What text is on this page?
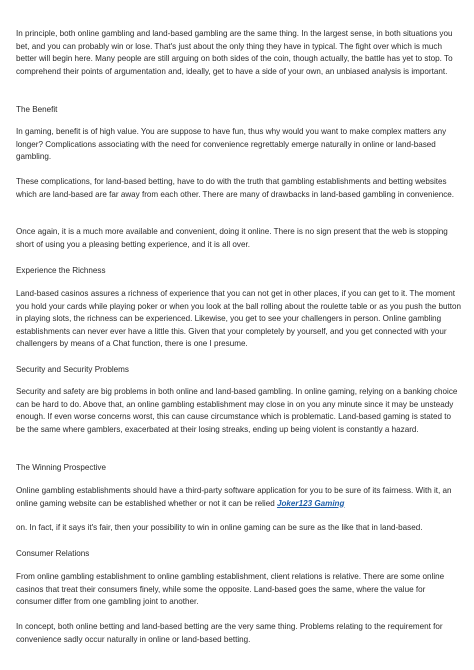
In principle, both online gambling and land-based gambling are the same thing. In the largest sense, in both situations you bet, and you can probably win or lose. That's just about the only thing they have in typical. The fight over which is much better will begin here. Many people are still arguing on both sides of the coin, though actually, the battle has yet to stop. To comprehend their points of argumentation and, ideally, get to have a side of your own, an unbiased analysis is important.

The Benefit

In gaming, benefit is of high value. You are suppose to have fun, thus why would you want to make complex matters any longer? Complications associating with the need for convenience regrettably emerge naturally in online or land-based gambling.

These complications, for land-based betting, have to do with the truth that gambling establishments and betting websites which are land-based are far away from each other. There are many of drawbacks in land-based gambling in convenience.

Once again, it is a much more available and convenient, doing it online. There is no sign present that the web is stopping short of using you a pleasing betting experience, and it is all over.

Experience the Richness

Land-based casinos assures a richness of experience that you can not get in other places, if you can get to it. The moment you hold your cards while playing poker or when you look at the ball rolling about the roulette table or as you push the button in playing slots, the richness can be experienced. Likewise, you get to see your challengers in person. Online gambling establishments can never ever have a little this. Given that your completely by yourself, and you get connected with your challengers by means of a Chat function, there is one I presume.

Security and Security Problems

Security and safety are big problems in both online and land-based gambling. In online gaming, relying on a banking choice can be hard to do. Above that, an online gambling establishment may close in on you any minute since it may be unsteady enough. If even worse concerns worst, this can cause circumstance which is problematic. Land-based gaming is stated to be the same where gamblers, exacerbated at their losing streaks, ending up being violent is constantly a hazard.

The Winning Prospective

Online gambling establishments should have a third-party software application for you to be sure of its fairness. With it, an online gaming website can be established whether or not it can be relied Joker123 Gaming

on. In fact, if it says it's fair, then your possibility to win in online gaming can be sure as the like that in land-based.

Consumer Relations

From online gambling establishment to online gambling establishment, client relations is relative. There are some online casinos that treat their consumers finely, while some the opposite. Land-based goes the same, where the value for consumer differ from one gambling joint to another.

In concept, both online betting and land-based betting are the very same thing. Problems relating to the requirement for convenience sadly occur naturally in online or land-based betting.
